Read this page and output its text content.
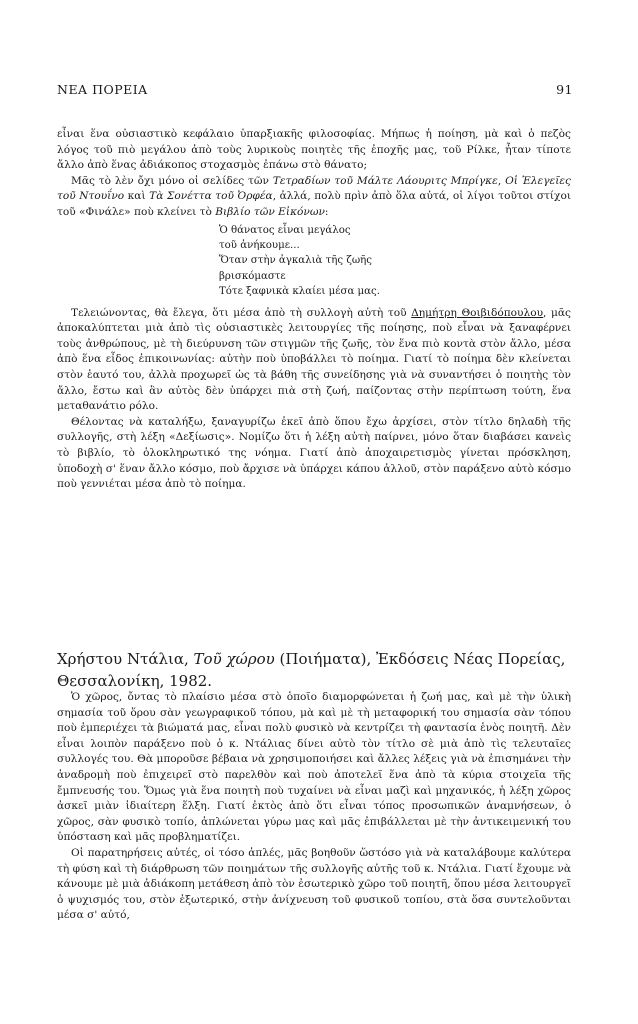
ΝΕΑ ΠΟΡΕΙΑ	91

εἶναι ἕνα οὐσιαστικὸ κεφάλαιο ὑπαρξιακῆς φιλοσοφίας. Μήπως ἡ ποίηση, μὰ καὶ ὁ πεζὸς λόγος τοῦ πιὸ μεγάλου ἀπὸ τοὺς λυρικοὺς ποιητὲς τῆς ἐποχῆς μας, τοῦ Ρίλκε, ἦταν τίποτε ἄλλο ἀπὸ ἕνας ἀδιάκοπος στοχασμὸς ἐπάνω στὸ θάνατο;

Μᾶς τὸ λὲν ὄχι μόνο οἱ σελίδες τῶν Τετραδίων τοῦ Μάλτε Λάουριτς Μπρίγκε, Οἱ Ἐλεγεῖες τοῦ Ντουΐνο καὶ Τὰ Σονέττα τοῦ Ὀρφέα, ἀλλά, πολὺ πρὶν ἀπὸ ὅλα αὐτά, οἱ λίγοι τοῦτοι στίχοι τοῦ «Φινάλε» ποὺ κλείνει τὸ Βιβλίο τῶν Εἰκόνων:

Ὁ θάνατος εἶναι μεγάλος
τοῦ ἀνήκουμε...
Ὅταν στὴν ἀγκαλιὰ τῆς ζωῆς
βρισκόμαστε
Τότε ξαφνικὰ κλαίει μέσα μας.

Τελειώνοντας, θὰ ἔλεγα, ὅτι μέσα ἀπὸ τὴ συλλογὴ αὐτὴ τοῦ Δημήτρη Θοιβιδόπουλου, μᾶς ἀποκαλύπτεται μιὰ ἀπὸ τὶς οὐσιαστικὲς λειτουργίες τῆς ποίησης, ποὺ εἶναι νὰ ξαναφέρνει τοὺς ἀνθρώπους, μὲ τὴ διεύρυνση τῶν στιγμῶν τῆς ζωῆς, τὸν ἕνα πιὸ κοντὰ στὸν ἄλλο, μέσα ἀπὸ ἕνα εἶδος ἐπικοινωνίας: αὐτὴν ποὺ ὑποβάλλει τὸ ποίημα. Γιατί τὸ ποίημα δὲν κλείνεται στὸν ἑαυτό του, ἀλλὰ προχωρεῖ ὡς τὰ βάθη τῆς συνείδησης γιὰ νὰ συναντήσει ὁ ποιητὴς τὸν ἄλλο, ἔστω καὶ ἂν αὐτὸς δὲν ὑπάρχει πιὰ στὴ ζωή, παίζοντας στὴν περίπτωση τούτη, ἕνα μεταθανάτιο ρόλο.

Θέλοντας νὰ καταλήξω, ξαναγυρίζω ἐκεῖ ἀπὸ ὅπου ἔχω ἀρχίσει, στὸν τίτλο δηλαδὴ τῆς συλλογῆς, στὴ λέξη «Δεξίωσις». Νομίζω ὅτι ἡ λέξη αὐτὴ παίρνει, μόνο ὅταν διαβάσει κανεὶς τὸ βιβλίο, τὸ ὁλοκληρωτικό της νόημα. Γιατί ἀπὸ ἀποχαιρετισμὸς γίνεται πρόσκληση, ὑποδοχὴ σ' ἕναν ἄλλο κόσμο, ποὺ ἄρχισε νὰ ὑπάρχει κάπου ἀλλοῦ, στὸν παράξενο αὐτὸ κόσμο ποὺ γεννιέται μέσα ἀπὸ τὸ ποίημα.

Χρήστου Ντάλια, Τοῦ χώρου (Ποιήματα), Ἐκδόσεις Νέας Πορείας, Θεσσαλονίκη, 1982.

Ὁ χῶρος, ὄντας τὸ πλαίσιο μέσα στὸ ὁποῖο διαμορφώνεται ἡ ζωή μας, καὶ μὲ τὴν ὑλικὴ σημασία τοῦ ὅρου σὰν γεωγραφικοῦ τόπου, μὰ καὶ μὲ τὴ μεταφορική του σημασία σὰν τόπου ποὺ ἐμπεριέχει τὰ βιώματά μας, εἶναι πολὺ φυσικὸ νὰ κεντρίζει τὴ φαντασία ἑνὸς ποιητῆ. Δὲν εἶναι λοιπὸν παράξενο ποὺ ὁ κ. Ντάλιας δίνει αὐτὸ τὸν τίτλο σὲ μιὰ ἀπὸ τὶς τελευταῖες συλλογές του. Θὰ μποροῦσε βέβαια νὰ χρησιμοποιήσει καὶ ἄλλες λέξεις γιὰ νὰ ἐπισημάνει τὴν ἀναδρομὴ ποὺ ἐπιχειρεῖ στὸ παρελθὸν καὶ ποὺ ἀποτελεῖ ἕνα ἀπὸ τὰ κύρια στοιχεῖα τῆς ἔμπνευσής του. Ὅμως γιὰ ἕνα ποιητὴ ποὺ τυχαίνει νὰ εἶναι μαζὶ καὶ μηχανικός, ἡ λέξη χῶρος ἀσκεῖ μιὰν ἰδιαίτερη ἕλξη. Γιατί ἐκτὸς ἀπὸ ὅτι εἶναι τόπος προσωπικῶν ἀναμνήσεων, ὁ χῶρος, σὰν φυσικὸ τοπίο, ἁπλώνεται γύρω μας καὶ μᾶς ἐπιβάλλεται μὲ τὴν ἀντικειμενική του ὑπόσταση καὶ μᾶς προβληματίζει.

Οἱ παρατηρήσεις αὐτές, οἱ τόσο ἁπλές, μᾶς βοηθοῦν ὥστόσο γιὰ νὰ καταλάβουμε καλύτερα τὴ φύση καὶ τὴ διάρθρωση τῶν ποιημάτων τῆς συλλογῆς αὐτῆς τοῦ κ. Ντάλια. Γιατί ἔχουμε νὰ κάνουμε μὲ μιὰ ἀδιάκοπη μετάθεση ἀπὸ τὸν ἐσωτερικὸ χῶρο τοῦ ποιητῆ, ὅπου μέσα λειτουργεῖ ὁ ψυχισμός του, στὸν ἐξωτερικό, στὴν ἀνίχνευση τοῦ φυσικοῦ τοπίου, στὰ ὅσα συντελοῦνται μέσα σ' αὐτό,
